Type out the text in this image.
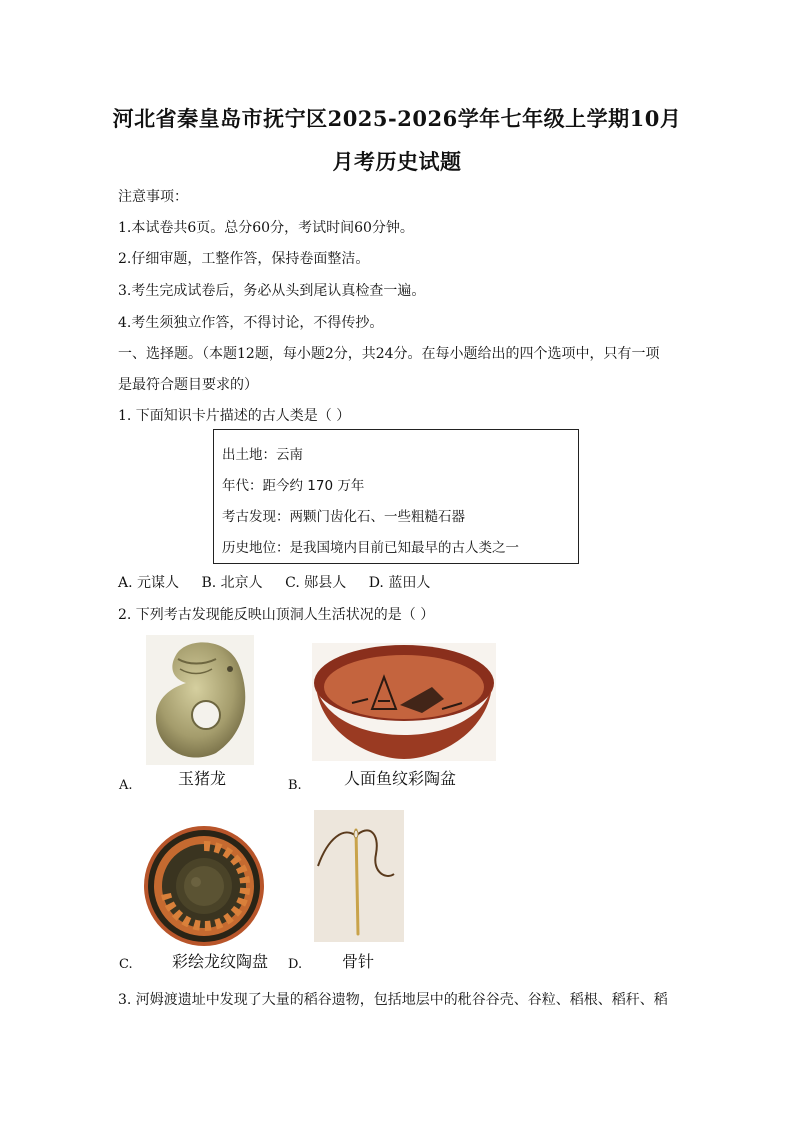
河北省秦皇岛市抚宁区2025-2026学年七年级上学期10月
月考历史试题
注意事项：
1.本试卷共6页。总分60分，考试时间60分钟。
2.仔细审题，工整作答，保持卷面整洁。
3.考生完成试卷后，务必从头到尾认真检查一遍。
4.考生须独立作答，不得讨论，不得传抄。
一、选择题。（本题12题，每小题2分，共24分。在每小题给出的四个选项中，只有一项
是最符合题目要求的）
1. 下面知识卡片描述的古人类是（ ）
出土地：云南
年代：距今约 170 万年
考古发现：两颗门齿化石、一些粗糙石器
历史地位：是我国境内目前已知最早的古人类之一
A. 元谋人 B. 北京人 C. 郧县人 D. 蓝田人
2. 下列考古发现能反映山顶洞人生活状况的是（ ）
玉猪龙
A.	人面鱼纹彩陶盆
B.
彩绘龙纹陶盘
C.	骨针
D.
3. 河姆渡遗址中发现了大量的稻谷遗物，包括地层中的秕谷谷壳、谷粒、稻根、稻秆、稻
